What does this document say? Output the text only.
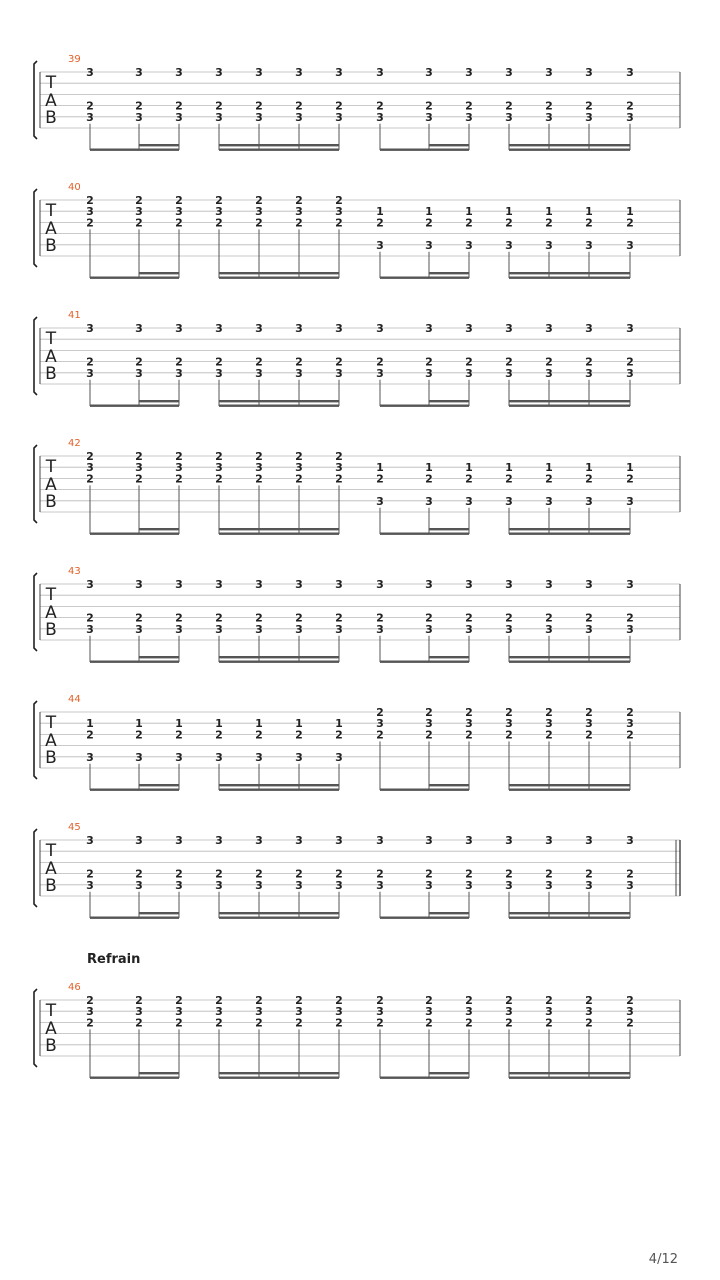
T
A
B
39
3
2
3
3
2
3
3
2
3
3
2
3
3
2
3
3
2
3
3
2
3
3
2
3
3
2
3
3
2
3
3
2
3
3
2
3
3
2
3
3
2
3
T
A
B
40
2
3
2
2
3
2
2
3
2
2
3
2
2
3
2
2
3
2
2
3
2
1
2
3
1
2
3
1
2
3
1
2
3
1
2
3
1
2
3
1
2
3
T
A
B
41
3
2
3
3
2
3
3
2
3
3
2
3
3
2
3
3
2
3
3
2
3
3
2
3
3
2
3
3
2
3
3
2
3
3
2
3
3
2
3
3
2
3
T
A
B
42
2
3
2
2
3
2
2
3
2
2
3
2
2
3
2
2
3
2
2
3
2
1
2
3
1
2
3
1
2
3
1
2
3
1
2
3
1
2
3
1
2
3
T
A
B
43
3
2
3
3
2
3
3
2
3
3
2
3
3
2
3
3
2
3
3
2
3
3
2
3
3
2
3
3
2
3
3
2
3
3
2
3
3
2
3
3
2
3
T
A
B
44
1
2
3
1
2
3
1
2
3
1
2
3
1
2
3
1
2
3
1
2
3
2
3
2
2
3
2
2
3
2
2
3
2
2
3
2
2
3
2
2
3
2
T
A
B
45
3
2
3
3
2
3
3
2
3
3
2
3
3
2
3
3
2
3
3
2
3
3
2
3
3
2
3
3
2
3
3
2
3
3
2
3
3
2
3
3
2
3
T
A
B
46
Refrain
2
3
2
2
3
2
2
3
2
2
3
2
2
3
2
2
3
2
2
3
2
2
3
2
2
3
2
2
3
2
2
3
2
2
3
2
2
3
2
2
3
2
4/12
